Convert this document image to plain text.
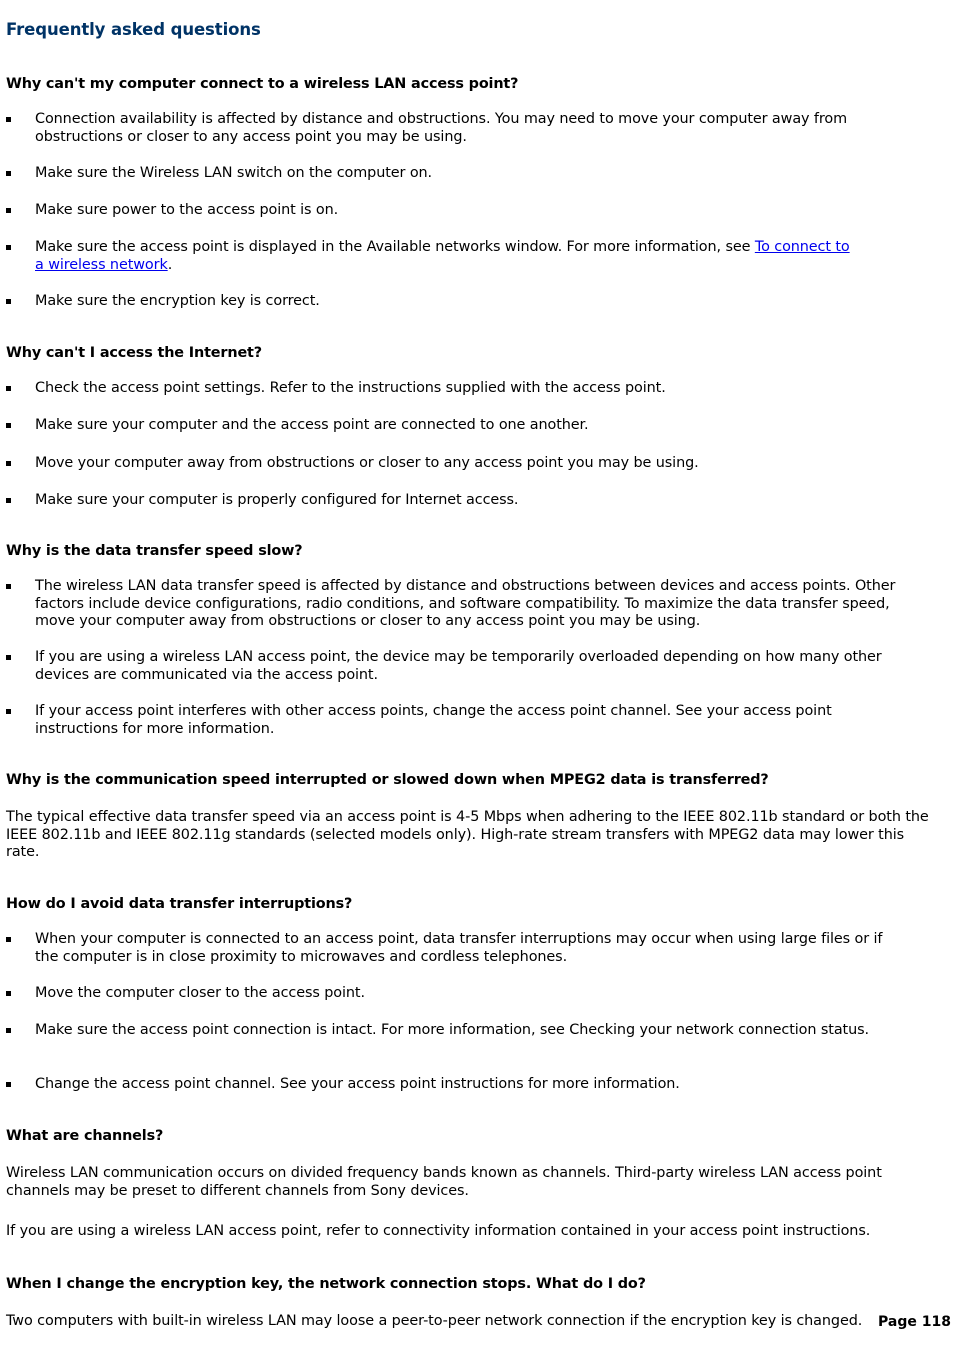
Frequently asked questions
Why can't my computer connect to a wireless LAN access point?
Connection availability is affected by distance and obstructions. You may need to move your computer away from obstructions or closer to any access point you may be using.
Make sure the Wireless LAN switch on the computer on.
Make sure power to the access point is on.
Make sure the access point is displayed in the Available networks window. For more information, see To connect to
a wireless network.
Make sure the encryption key is correct.
Why can't I access the Internet?
Check the access point settings. Refer to the instructions supplied with the access point.
Make sure your computer and the access point are connected to one another.
Move your computer away from obstructions or closer to any access point you may be using.
Make sure your computer is properly configured for Internet access.
Why is the data transfer speed slow?
The wireless LAN data transfer speed is affected by distance and obstructions between devices and access points. Other factors include device configurations, radio conditions, and software compatibility. To maximize the data transfer speed, move your computer away from obstructions or closer to any access point you may be using.
If you are using a wireless LAN access point, the device may be temporarily overloaded depending on how many other devices are communicated via the access point.
If your access point interferes with other access points, change the access point channel. See your access point instructions for more information.
Why is the communication speed interrupted or slowed down when MPEG2 data is transferred?
The typical effective data transfer speed via an access point is 4-5 Mbps when adhering to the IEEE 802.11b standard or both the IEEE 802.11b and IEEE 802.11g standards (selected models only). High-rate stream transfers with MPEG2 data may lower this rate.
How do I avoid data transfer interruptions?
When your computer is connected to an access point, data transfer interruptions may occur when using large files or if the computer is in close proximity to microwaves and cordless telephones.
Move the computer closer to the access point.
Make sure the access point connection is intact. For more information, see Checking your network connection status.
Change the access point channel. See your access point instructions for more information.
What are channels?
Wireless LAN communication occurs on divided frequency bands known as channels. Third-party wireless LAN access point channels may be preset to different channels from Sony devices.
If you are using a wireless LAN access point, refer to connectivity information contained in your access point instructions.
When I change the encryption key, the network connection stops. What do I do?
Two computers with built-in wireless LAN may loose a peer-to-peer network connection if the encryption key is changed.	Page 118
